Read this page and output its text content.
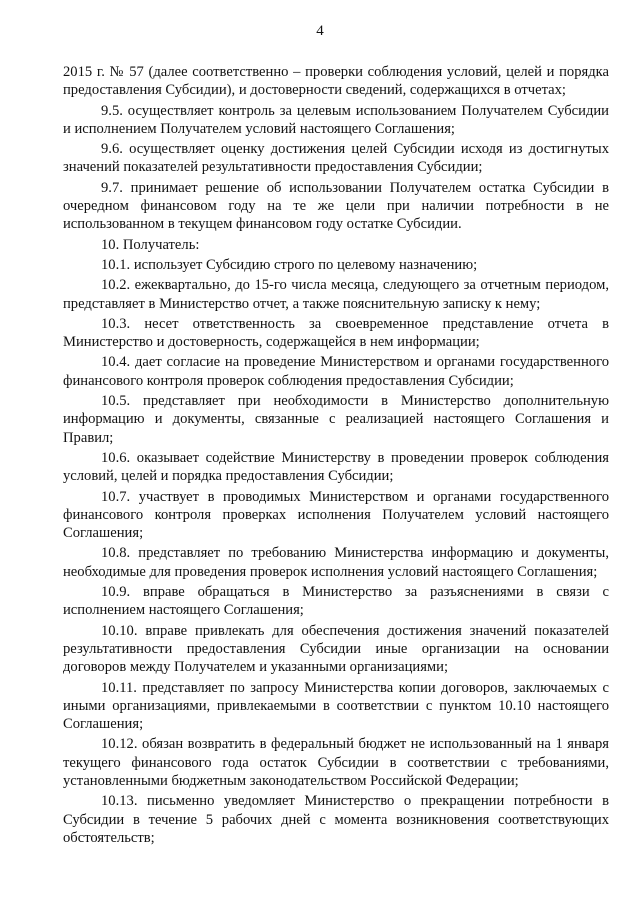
4

2015 г. № 57 (далее соответственно – проверки соблюдения условий, целей и порядка предоставления Субсидии), и достоверности сведений, содержащихся в отчетах;

9.5. осуществляет контроль за целевым использованием Получателем Субсидии и исполнением Получателем условий настоящего Соглашения;

9.6. осуществляет оценку достижения целей Субсидии исходя из достигнутых значений показателей результативности предоставления Субсидии;

9.7. принимает решение об использовании Получателем остатка Субсидии в очередном финансовом году на те же цели при наличии потребности в не использованном в текущем финансовом году остатке Субсидии.

10. Получатель:

10.1. использует Субсидию строго по целевому назначению;

10.2. ежеквартально, до 15-го числа месяца, следующего за отчетным периодом, представляет в Министерство отчет, а также пояснительную записку к нему;

10.3. несет ответственность за своевременное представление отчета в Министерство и достоверность, содержащейся в нем информации;

10.4. дает согласие на проведение Министерством и органами государственного финансового контроля проверок соблюдения предоставления Субсидии;

10.5. представляет при необходимости в Министерство дополнительную информацию и документы, связанные с реализацией настоящего Соглашения и Правил;

10.6. оказывает содействие Министерству в проведении проверок соблюдения условий, целей и порядка предоставления Субсидии;

10.7. участвует в проводимых Министерством и органами государственного финансового контроля проверках исполнения Получателем условий настоящего Соглашения;

10.8. представляет по требованию Министерства информацию и документы, необходимые для проведения проверок исполнения условий настоящего Соглашения;

10.9. вправе обращаться в Министерство за разъяснениями в связи с исполнением настоящего Соглашения;

10.10. вправе привлекать для обеспечения достижения значений показателей результативности предоставления Субсидии иные организации на основании договоров между Получателем и указанными организациями;

10.11. представляет по запросу Министерства копии договоров, заключаемых с иными организациями, привлекаемыми в соответствии с пунктом 10.10 настоящего Соглашения;

10.12. обязан возвратить в федеральный бюджет не использованный на 1 января текущего финансового года остаток Субсидии в соответствии с требованиями, установленными бюджетным законодательством Российской Федерации;

10.13. письменно уведомляет Министерство о прекращении потребности в Субсидии в течение 5 рабочих дней с момента возникновения соответствующих обстоятельств;
